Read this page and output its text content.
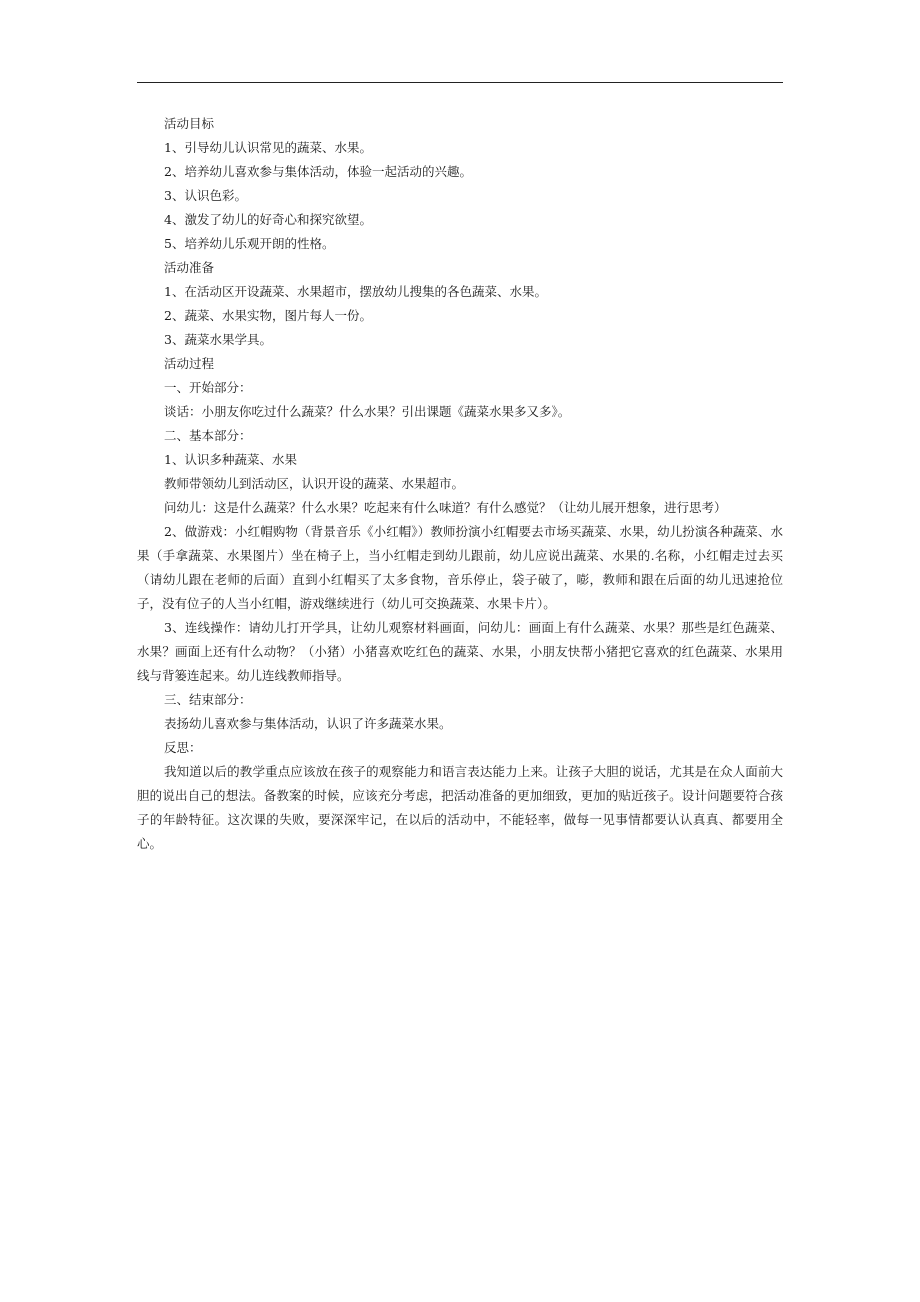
活动目标
1、引导幼儿认识常见的蔬菜、水果。
2、培养幼儿喜欢参与集体活动，体验一起活动的兴趣。
3、认识色彩。
4、激发了幼儿的好奇心和探究欲望。
5、培养幼儿乐观开朗的性格。
活动准备
1、在活动区开设蔬菜、水果超市，摆放幼儿搜集的各色蔬菜、水果。
2、蔬菜、水果实物，图片每人一份。
3、蔬菜水果学具。
活动过程
一、开始部分：
谈话：小朋友你吃过什么蔬菜？什么水果？引出课题《蔬菜水果多又多》。
二、基本部分：
1、认识多种蔬菜、水果
教师带领幼儿到活动区，认识开设的蔬菜、水果超市。
问幼儿：这是什么蔬菜？什么水果？吃起来有什么味道？有什么感觉？（让幼儿展开想象，进行思考）

2、做游戏：小红帽购物（背景音乐《小红帽》）教师扮演小红帽要去市场买蔬菜、水果，幼儿扮演各种蔬菜、水果（手拿蔬菜、水果图片）坐在椅子上，当小红帽走到幼儿跟前，幼儿应说出蔬菜、水果的.名称，小红帽走过去买（请幼儿跟在老师的后面）直到小红帽买了太多食物，音乐停止，袋子破了，嘭，教师和跟在后面的幼儿迅速抢位子，没有位子的人当小红帽，游戏继续进行（幼儿可交换蔬菜、水果卡片）。

3、连线操作：请幼儿打开学具，让幼儿观察材料画面，问幼儿：画面上有什么蔬菜、水果？那些是红色蔬菜、水果？画面上还有什么动物？（小猪）小猪喜欢吃红色的蔬菜、水果，小朋友快帮小猪把它喜欢的红色蔬菜、水果用线与背篓连起来。幼儿连线教师指导。

三、结束部分：
表扬幼儿喜欢参与集体活动，认识了许多蔬菜水果。
反思：

我知道以后的教学重点应该放在孩子的观察能力和语言表达能力上来。让孩子大胆的说话，尤其是在众人面前大胆的说出自己的想法。备教案的时候，应该充分考虑，把活动准备的更加细致，更加的贴近孩子。设计问题要符合孩子的年龄特征。这次课的失败，要深深牢记，在以后的活动中，不能轻率，做每一见事情都要认认真真、都要用全心。
